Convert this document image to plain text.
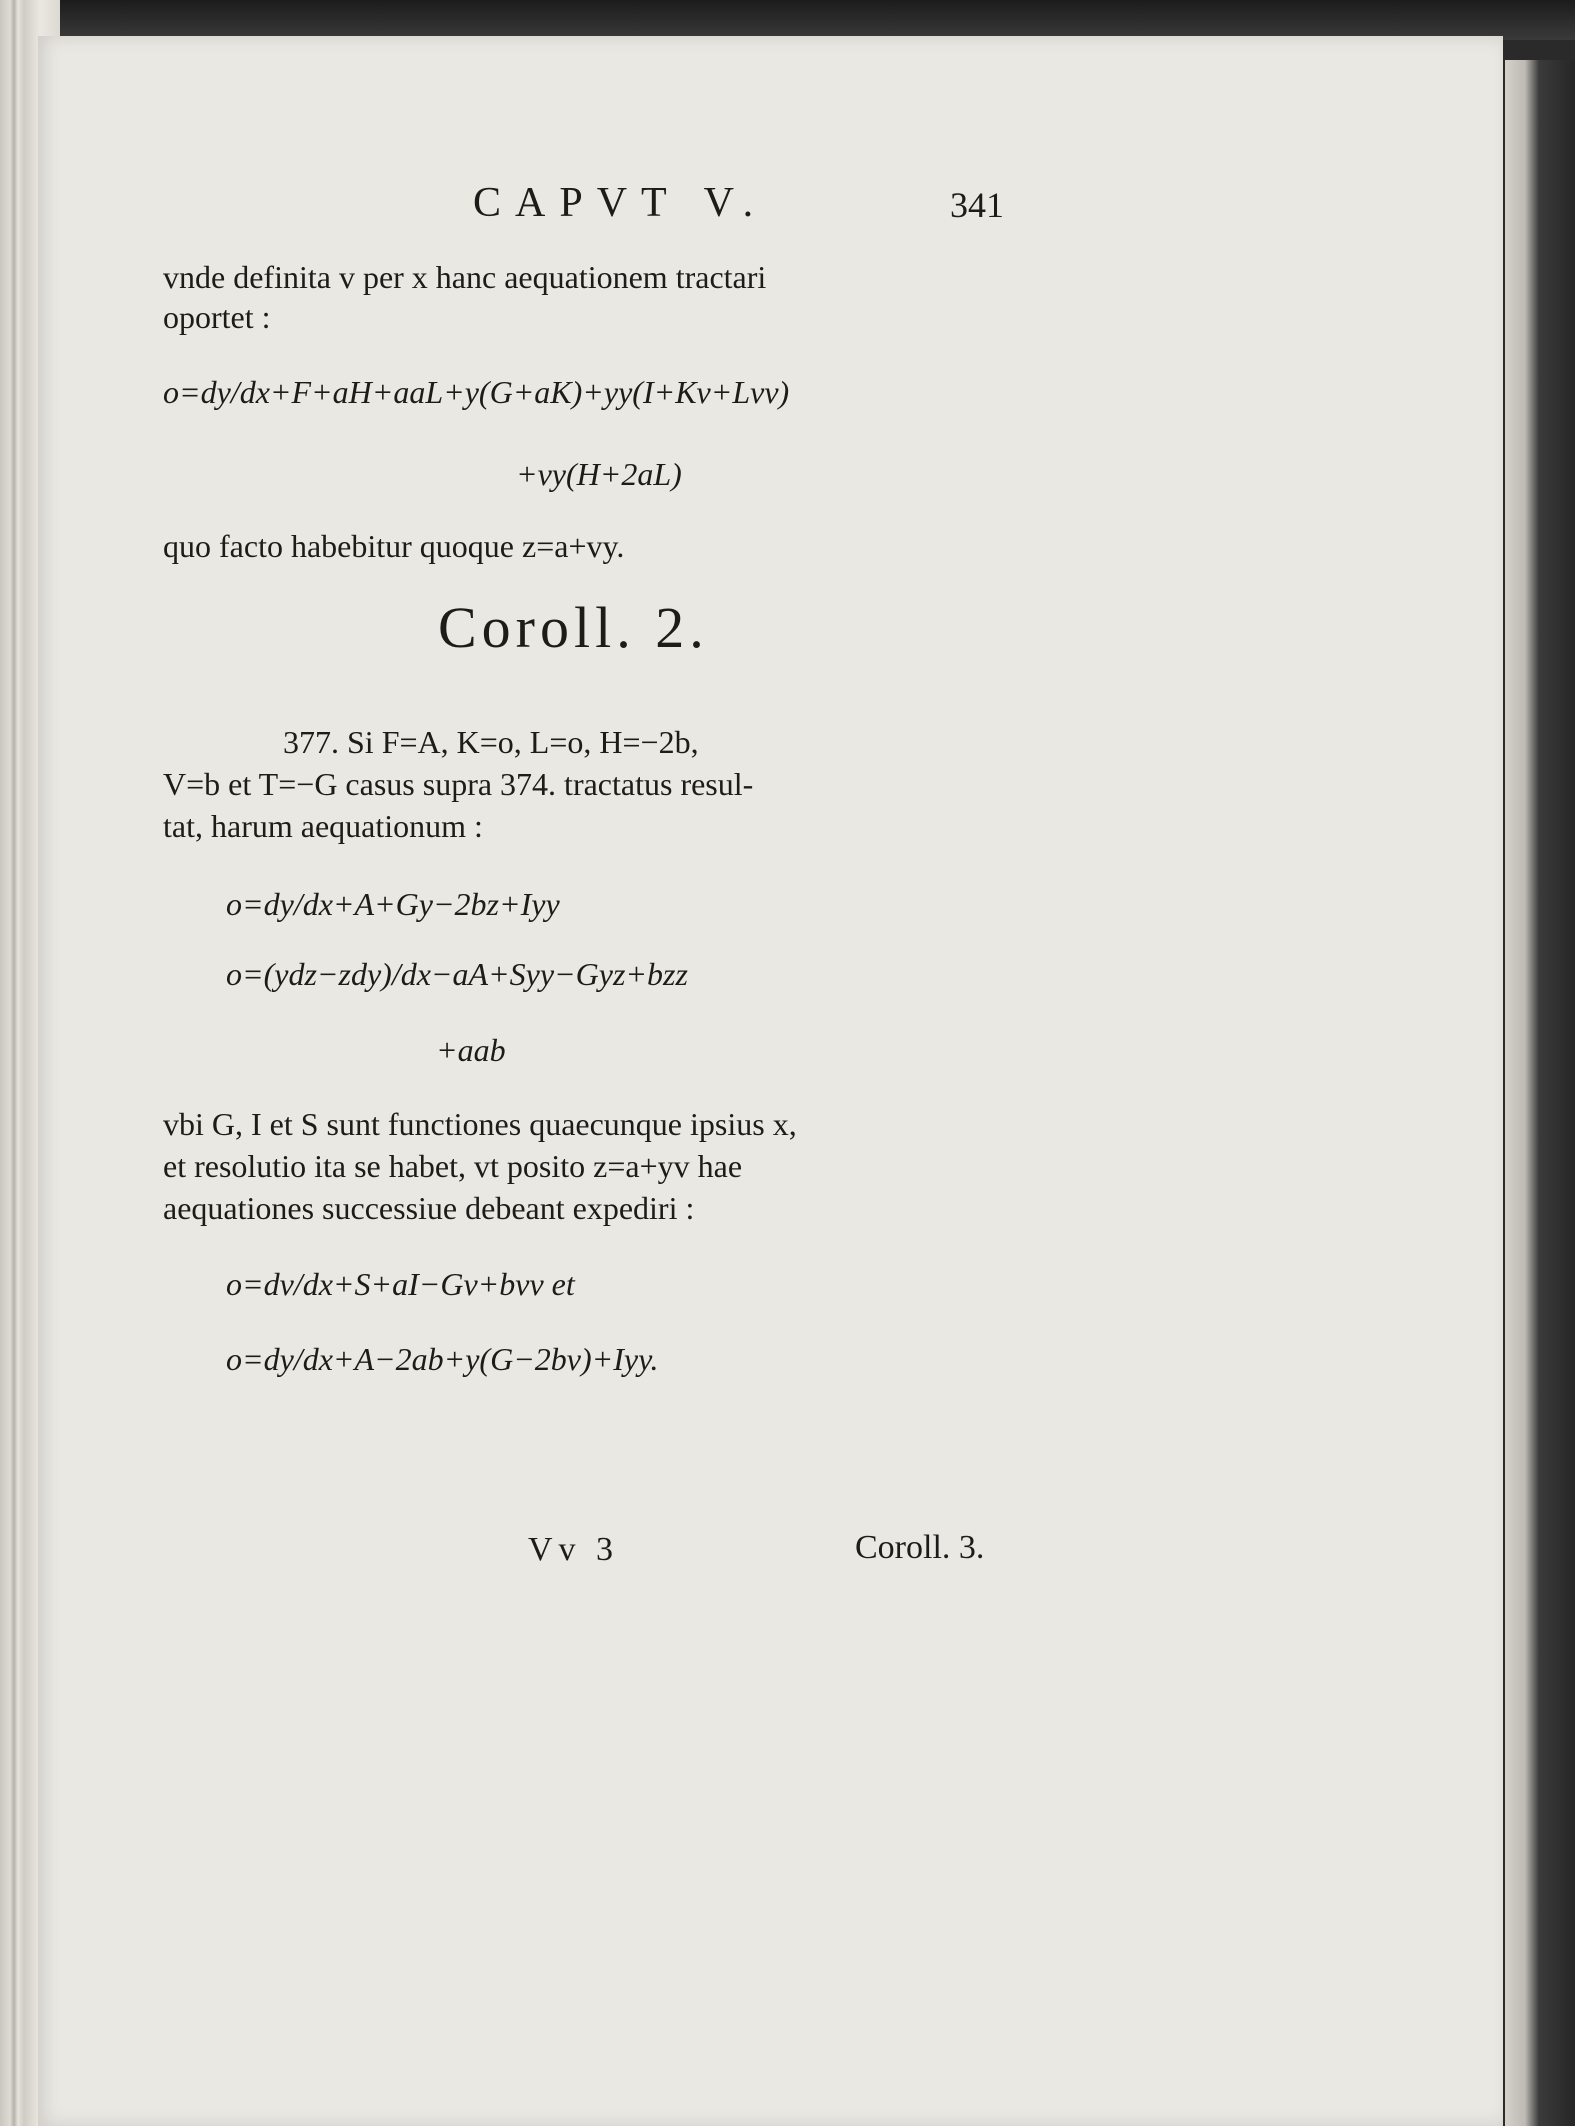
CAPVT V.	341
vnde definita v per x hanc aequationem tractari
oportet :
o=dy/dx+F+aH+aaL+y(G+aK)+yy(I+Kv+Lvv)
+vy(H+2aL)
quo facto habebitur quoque z=a+vy.
Coroll. 2.
377. Si F=A, K=o, L=o, H=−2b,
V=b et T=−G casus supra 374. tractatus resul-
tat, harum aequationum :
o=dy/dx+A+Gy−2bz+Iyy
o=(ydz−zdy)/dx−aA+Syy−Gyz+bzz
+aab
vbi G, I et S sunt functiones quaecunque ipsius x,
et resolutio ita se habet, vt posito z=a+yv hae
aequationes successiue debeant expediri :
o=dv/dx+S+aI−Gv+bvv et
o=dy/dx+A−2ab+y(G−2bv)+Iyy.
Vv 3	Coroll. 3.
